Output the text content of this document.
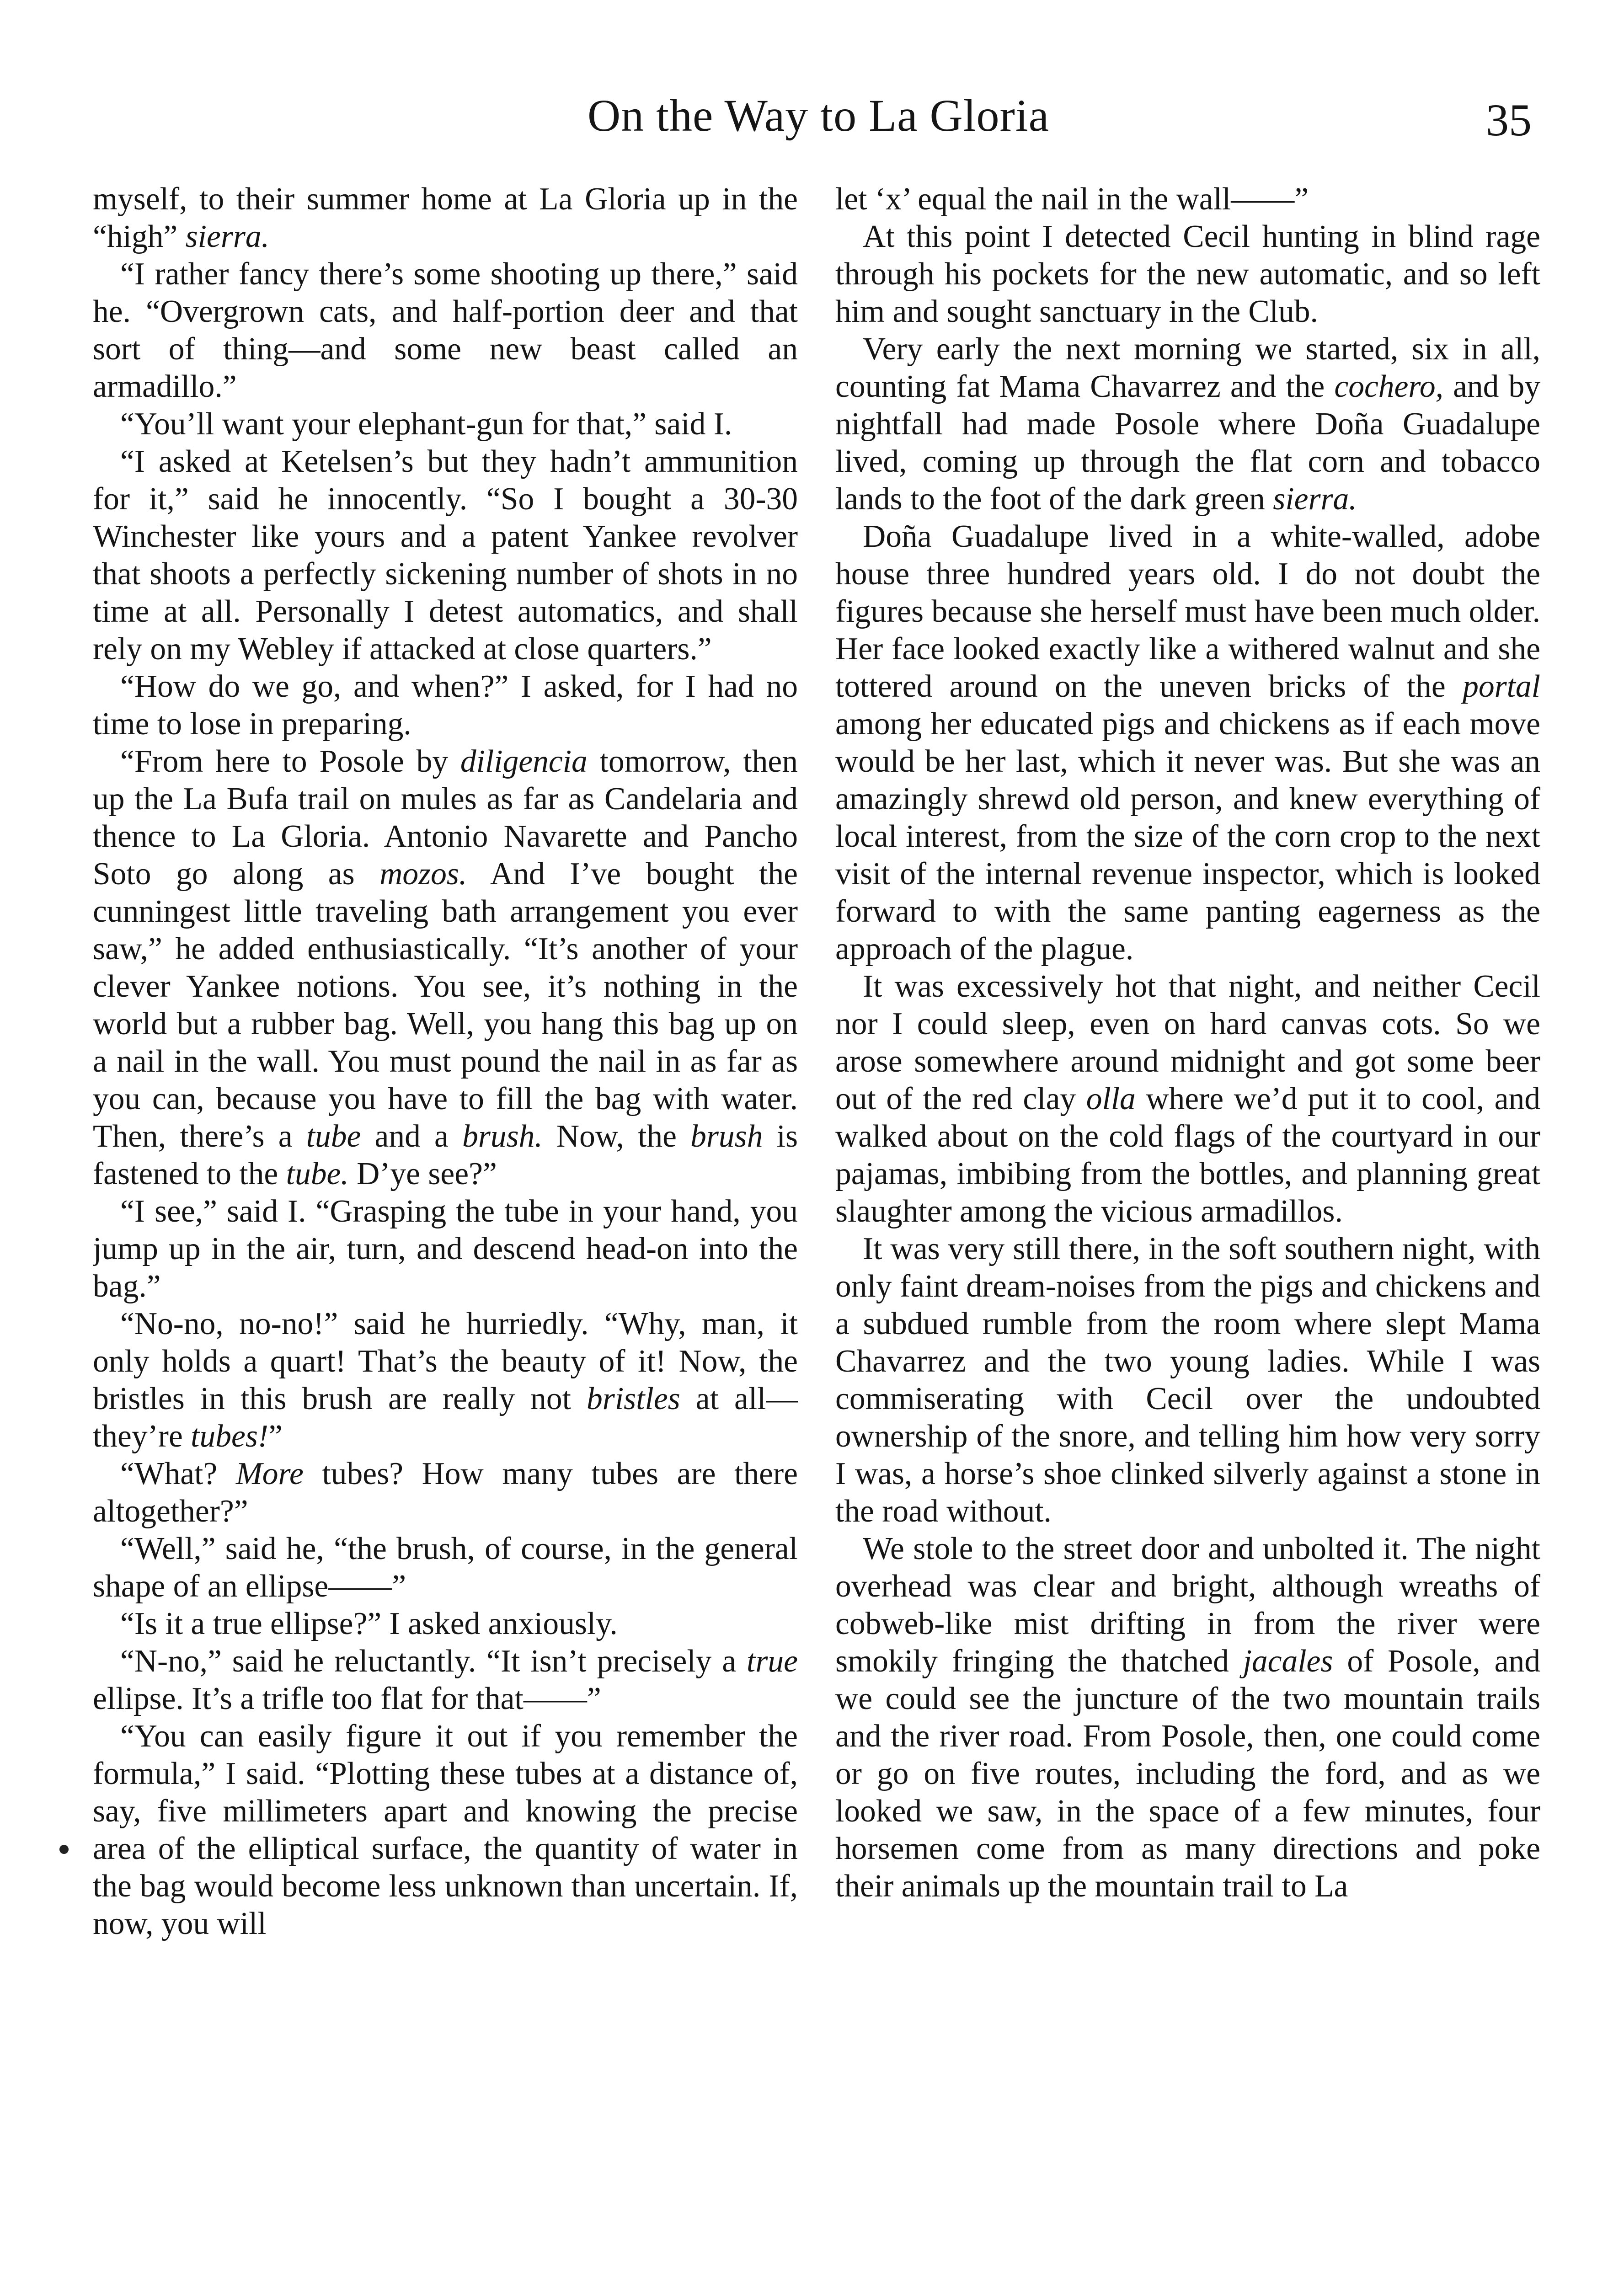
On the Way to La Gloria	35

myself, to their summer home at La Gloria up in the “high” sierra.

“I rather fancy there’s some shooting up there,” said he. “Overgrown cats, and half-portion deer and that sort of thing—and some new beast called an armadillo.”

“You’ll want your elephant-gun for that,” said I.

“I asked at Ketelsen’s but they hadn’t ammunition for it,” said he innocently. “So I bought a 30-30 Winchester like yours and a patent Yankee revolver that shoots a perfectly sickening number of shots in no time at all. Personally I detest automatics, and shall rely on my Webley if attacked at close quarters.”

“How do we go, and when?” I asked, for I had no time to lose in preparing.

“From here to Posole by diligencia tomorrow, then up the La Bufa trail on mules as far as Candelaria and thence to La Gloria. Antonio Navarette and Pancho Soto go along as mozos. And I’ve bought the cunningest little traveling bath arrangement you ever saw,” he added enthusiastically. “It’s another of your clever Yankee notions. You see, it’s nothing in the world but a rubber bag. Well, you hang this bag up on a nail in the wall. You must pound the nail in as far as you can, because you have to fill the bag with water. Then, there’s a tube and a brush. Now, the brush is fastened to the tube. D’ye see?”

“I see,” said I. “Grasping the tube in your hand, you jump up in the air, turn, and descend head-on into the bag.”

“No-no, no-no!” said he hurriedly. “Why, man, it only holds a quart! That’s the beauty of it! Now, the bristles in this brush are really not bristles at all—they’re tubes!”

“What? More tubes? How many tubes are there altogether?”

“Well,” said he, “the brush, of course, in the general shape of an ellipse——”

“Is it a true ellipse?” I asked anxiously.

“N-no,” said he reluctantly. “It isn’t precisely a true ellipse. It’s a trifle too flat for that——”

“You can easily figure it out if you remember the formula,” I said. “Plotting these tubes at a distance of, say, five millimeters apart and knowing the precise area of the elliptical surface, the quantity of water in the bag would become less unknown than uncertain. If, now, you will

let ‘x’ equal the nail in the wall——”

At this point I detected Cecil hunting in blind rage through his pockets for the new automatic, and so left him and sought sanctuary in the Club.

Very early the next morning we started, six in all, counting fat Mama Chavarrez and the cochero, and by nightfall had made Posole where Doña Guadalupe lived, coming up through the flat corn and tobacco lands to the foot of the dark green sierra.

Doña Guadalupe lived in a white-walled, adobe house three hundred years old. I do not doubt the figures because she herself must have been much older. Her face looked exactly like a withered walnut and she tottered around on the uneven bricks of the portal among her educated pigs and chickens as if each move would be her last, which it never was. But she was an amazingly shrewd old person, and knew everything of local interest, from the size of the corn crop to the next visit of the internal revenue inspector, which is looked forward to with the same panting eagerness as the approach of the plague.

It was excessively hot that night, and neither Cecil nor I could sleep, even on hard canvas cots. So we arose somewhere around midnight and got some beer out of the red clay olla where we’d put it to cool, and walked about on the cold flags of the courtyard in our pajamas, imbibing from the bottles, and planning great slaughter among the vicious armadillos.

It was very still there, in the soft southern night, with only faint dream-noises from the pigs and chickens and a subdued rumble from the room where slept Mama Chavarrez and the two young ladies. While I was commiserating with Cecil over the undoubted ownership of the snore, and telling him how very sorry I was, a horse’s shoe clinked silverly against a stone in the road without.

We stole to the street door and unbolted it. The night overhead was clear and bright, although wreaths of cobweb-like mist drifting in from the river were smokily fringing the thatched jacales of Posole, and we could see the juncture of the two mountain trails and the river road. From Posole, then, one could come or go on five routes, including the ford, and as we looked we saw, in the space of a few minutes, four horsemen come from as many directions and poke their animals up the mountain trail to La
